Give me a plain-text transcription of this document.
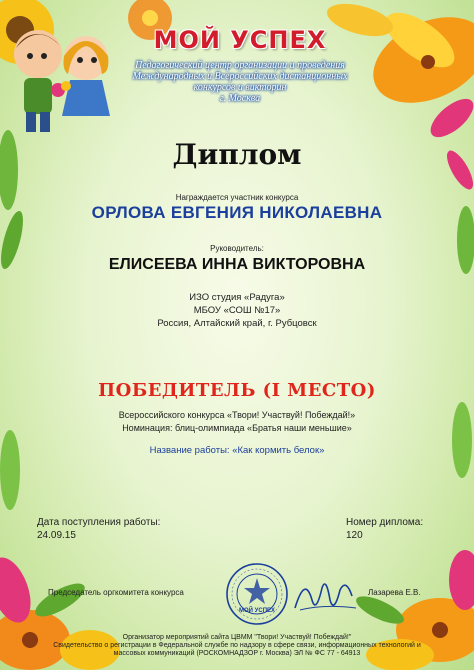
МОЙ УСПЕХ
Педагогический центр организации и проведения
Международных и Всероссийских дистанционных
конкурсов и викторин
г. Москва
Диплом
Награждается участник конкурса
ОРЛОВА ЕВГЕНИЯ НИКОЛАЕВНА
Руководитель:
ЕЛИСЕЕВА ИННА ВИКТОРОВНА
ИЗО студия «Радуга»
МБОУ «СОШ №17»
Россия, Алтайский край, г. Рубцовск
ПОБЕДИТЕЛЬ (I МЕСТО)
Всероссийского конкурса «Твори! Участвуй! Побеждай!»
Номинация: блиц-олимпиада «Братья наши меньшие»
Название работы: «Как кормить белок»
Дата поступления работы:
24.09.15
Номер диплома:
120
Председатель оргкомитета конкурса	Лазарева Е.В.
МОЙ УСПЕХ
Организатор мероприятий сайта ЦВММ "Твори! Участвуй! Побеждай!"
Свидетельство о регистрации в Федеральной службе по надзору в сфере связи, информационных технологий и
массовых коммуникаций (РОСКОМНАДЗОР г. Москва) ЭЛ № ФС 77 - 64913
